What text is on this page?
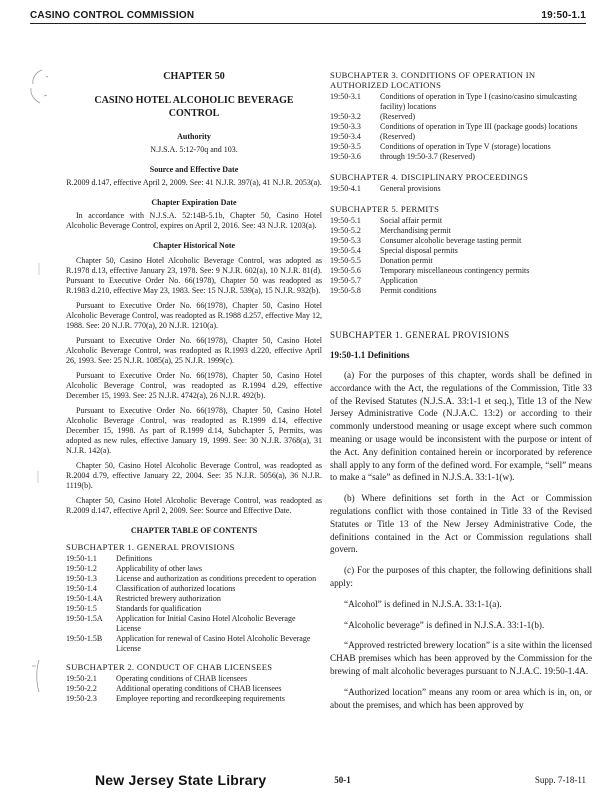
CASINO CONTROL COMMISSION	19:50-1.1
CHAPTER 50
CASINO HOTEL ALCOHOLIC BEVERAGE CONTROL
Authority
N.J.S.A. 5:12-70q and 103.
Source and Effective Date
R.2009 d.147, effective April 2, 2009. See: 41 N.J.R. 397(a), 41 N.J.R. 2053(a).
Chapter Expiration Date
In accordance with N.J.S.A. 52:14B-5.1b, Chapter 50, Casino Hotel Alcoholic Beverage Control, expires on April 2, 2016. See: 43 N.J.R. 1203(a).
Chapter Historical Note
Chapter 50, Casino Hotel Alcoholic Beverage Control, was adopted as R.1978 d.13, effective January 23, 1978. See: 9 N.J.R. 602(a), 10 N.J.R. 81(d). Pursuant to Executive Order No. 66(1978), Chapter 50 was readopted as R.1983 d.210, effective May 23, 1983. See: 15 N.J.R. 539(a), 15 N.J.R. 932(b).
Pursuant to Executive Order No. 66(1978), Chapter 50, Casino Hotel Alcoholic Beverage Control, was readopted as R.1988 d.257, effective May 12, 1988. See: 20 N.J.R. 770(a), 20 N.J.R. 1210(a).
Pursuant to Executive Order No. 66(1978), Chapter 50, Casino Hotel Alcoholic Beverage Control, was readopted as R.1993 d.220, effective April 26, 1993. See: 25 N.J.R. 1085(a), 25 N.J.R. 1999(c).
Pursuant to Executive Order No. 66(1978), Chapter 50, Casino Hotel Alcoholic Beverage Control, was readopted as R.1994 d.29, effective December 15, 1993. See: 25 N.J.R. 4742(a), 26 N.J.R. 492(b).
Pursuant to Executive Order No. 66(1978), Chapter 50, Casino Hotel Alcoholic Beverage Control, was readopted as R.1999 d.14, effective December 15, 1998. As part of R.1999 d.14, Subchapter 5, Permits, was adopted as new rules, effective January 19, 1999. See: 30 N.J.R. 3768(a), 31 N.J.R. 142(a).
Chapter 50, Casino Hotel Alcoholic Beverage Control, was readopted as R.2004 d.79, effective January 22, 2004. See: 35 N.J.R. 5056(a), 36 N.J.R. 1119(b).
Chapter 50, Casino Hotel Alcoholic Beverage Control, was readopted as R.2009 d.147, effective April 2, 2009. See: Source and Effective Date.
CHAPTER TABLE OF CONTENTS
SUBCHAPTER 1. GENERAL PROVISIONS
19:50-1.1	Definitions
19:50-1.2	Applicability of other laws
19:50-1.3	License and authorization as conditions precedent to operation
19:50-1.4	Classification of authorized locations
19:50-1.4A	Restricted brewery authorization
19:50-1.5	Standards for qualification
19:50-1.5A	Application for Initial Casino Hotel Alcoholic Beverage License
19:50-1.5B	Application for renewal of Casino Hotel Alcoholic Beverage License
SUBCHAPTER 2. CONDUCT OF CHAB LICENSEES
19:50-2.1	Operating conditions of CHAB licensees
19:50-2.2	Additional operating conditions of CHAB licensees
19:50-2.3	Employee reporting and recordkeeping requirements
SUBCHAPTER 3. CONDITIONS OF OPERATION IN AUTHORIZED LOCATIONS
19:50-3.1	Conditions of operation in Type I (casino/casino simulcasting facility) locations
19:50-3.2	(Reserved)
19:50-3.3	Conditions of operation in Type III (package goods) locations
19:50-3.4	(Reserved)
19:50-3.5	Conditions of operation in Type V (storage) locations
19:50-3.6	through 19:50-3.7 (Reserved)
SUBCHAPTER 4. DISCIPLINARY PROCEEDINGS
19:50-4.1	General provisions
SUBCHAPTER 5. PERMITS
19:50-5.1	Social affair permit
19:50-5.2	Merchandising permit
19:50-5.3	Consumer alcoholic beverage tasting permit
19:50-5.4	Special disposal permits
19:50-5.5	Donation permit
19:50-5.6	Temporary miscellaneous contingency permits
19:50-5.7	Application
19:50-5.8	Permit conditions
SUBCHAPTER 1. GENERAL PROVISIONS
19:50-1.1 Definitions
(a) For the purposes of this chapter, words shall be defined in accordance with the Act, the regulations of the Commission, Title 33 of the Revised Statutes (N.J.S.A. 33:1-1 et seq.), Title 13 of the New Jersey Administrative Code (N.J.A.C. 13:2) or according to their commonly understood meaning or usage except where such common meaning or usage would be inconsistent with the purpose or intent of the Act. Any definition contained herein or incorporated by reference shall apply to any form of the defined word. For example, “sell” means to make a “sale” as defined in N.J.S.A. 33:1-1(w).
(b) Where definitions set forth in the Act or Commission regulations conflict with those contained in Title 33 of the Revised Statutes or Title 13 of the New Jersey Administrative Code, the definitions contained in the Act or Commission regulations shall govern.
(c) For the purposes of this chapter, the following definitions shall apply:
“Alcohol” is defined in N.J.S.A. 33:1-1(a).
“Alcoholic beverage” is defined in N.J.S.A. 33:1-1(b).
“Approved restricted brewery location” is a site within the licensed CHAB premises which has been approved by the Commission for the brewing of malt alcoholic beverages pursuant to N.J.A.C. 19:50-1.4A.
“Authorized location” means any room or area which is in, on, or about the premises, and which has been approved by
New Jersey State Library	50-1	Supp. 7-18-11
